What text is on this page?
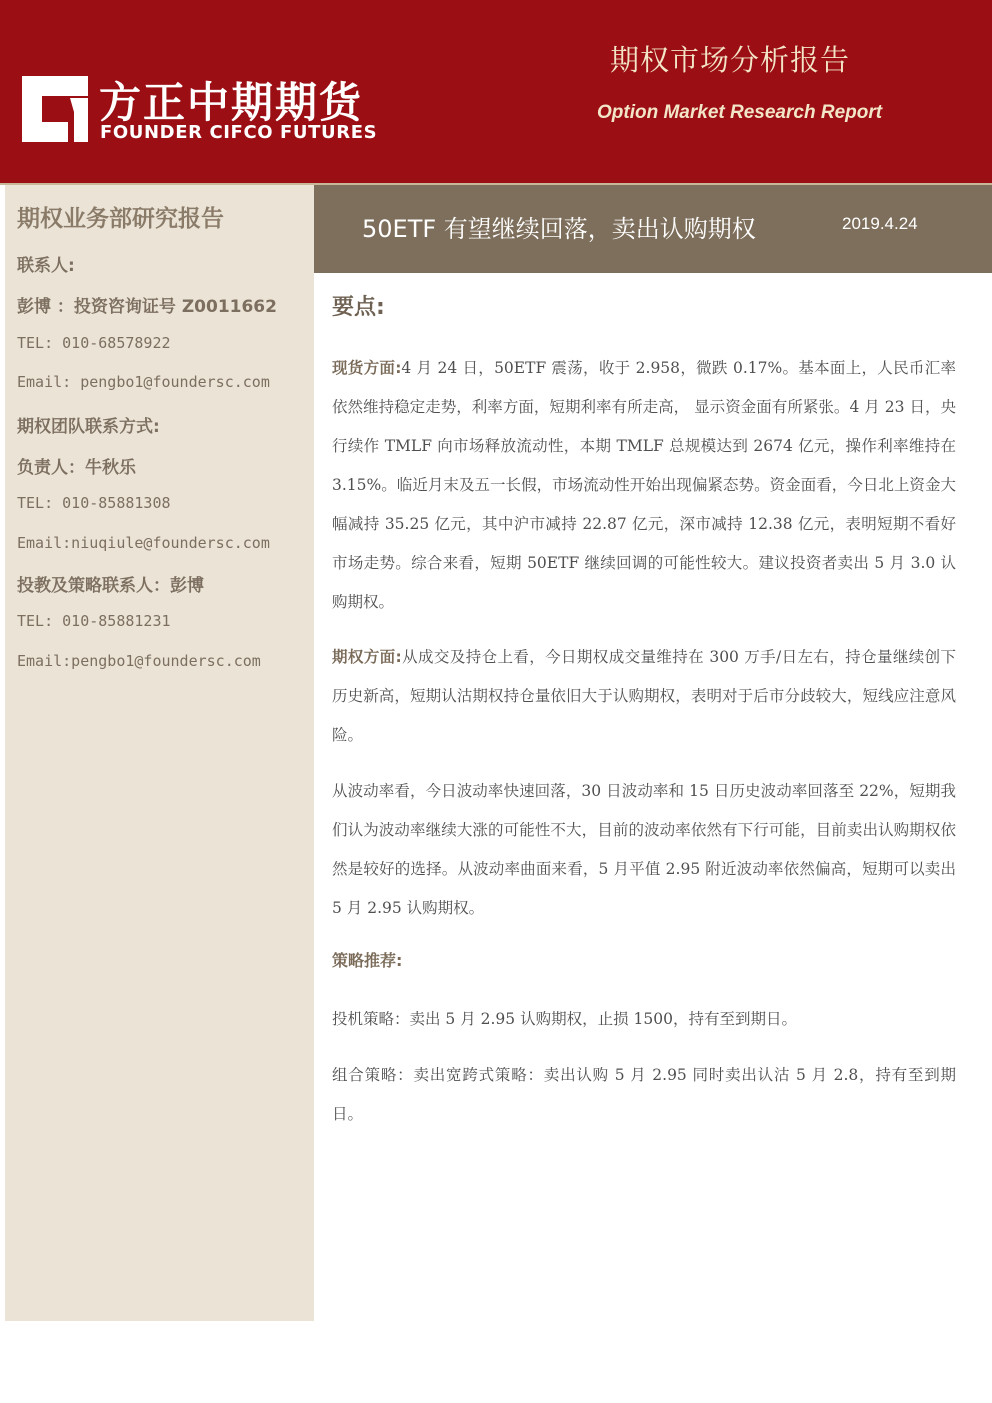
方正中期期货
FOUNDER CIFCO FUTURES
期权市场分析报告
Option Market Research Report
期权业务部研究报告
联系人:
彭博 ：投资咨询证号 Z0011662
TEL: 010-68578922
Email: pengbo1@foundersc.com
期权团队联系方式:
负责人：牛秋乐
TEL: 010-85881308
Email:niuqiule@foundersc.com
投教及策略联系人：彭博
TEL: 010-85881231
Email:pengbo1@foundersc.com
50ETF 有望继续回落，卖出认购期权	2019.4.24
要点:

现货方面:4 月 24 日，50ETF 震荡，收于 2.958，微跌 0.17%。基本面上，人民币汇率依然维持稳定走势，利率方面，短期利率有所走高， 显示资金面有所紧张。4 月 23 日，央行续作 TMLF 向市场释放流动性，本期 TMLF 总规模达到 2674 亿元，操作利率维持在 3.15%。临近月末及五一长假，市场流动性开始出现偏紧态势。资金面看，今日北上资金大幅减持 35.25 亿元，其中沪市减持 22.87 亿元，深市减持 12.38 亿元，表明短期不看好市场走势。综合来看，短期 50ETF 继续回调的可能性较大。建议投资者卖出 5 月 3.0 认购期权。

期权方面:从成交及持仓上看，今日期权成交量维持在 300 万手/日左右，持仓量继续创下历史新高，短期认沽期权持仓量依旧大于认购期权，表明对于后市分歧较大，短线应注意风险。

从波动率看，今日波动率快速回落，30 日波动率和 15 日历史波动率回落至 22%，短期我们认为波动率继续大涨的可能性不大，目前的波动率依然有下行可能，目前卖出认购期权依然是较好的选择。从波动率曲面来看，5 月平值 2.95 附近波动率依然偏高，短期可以卖出 5 月 2.95 认购期权。

策略推荐:

投机策略：卖出 5 月 2.95 认购期权，止损 1500，持有至到期日。

组合策略：卖出宽跨式策略：卖出认购 5 月 2.95 同时卖出认沽 5 月 2.8，持有至到期日。
